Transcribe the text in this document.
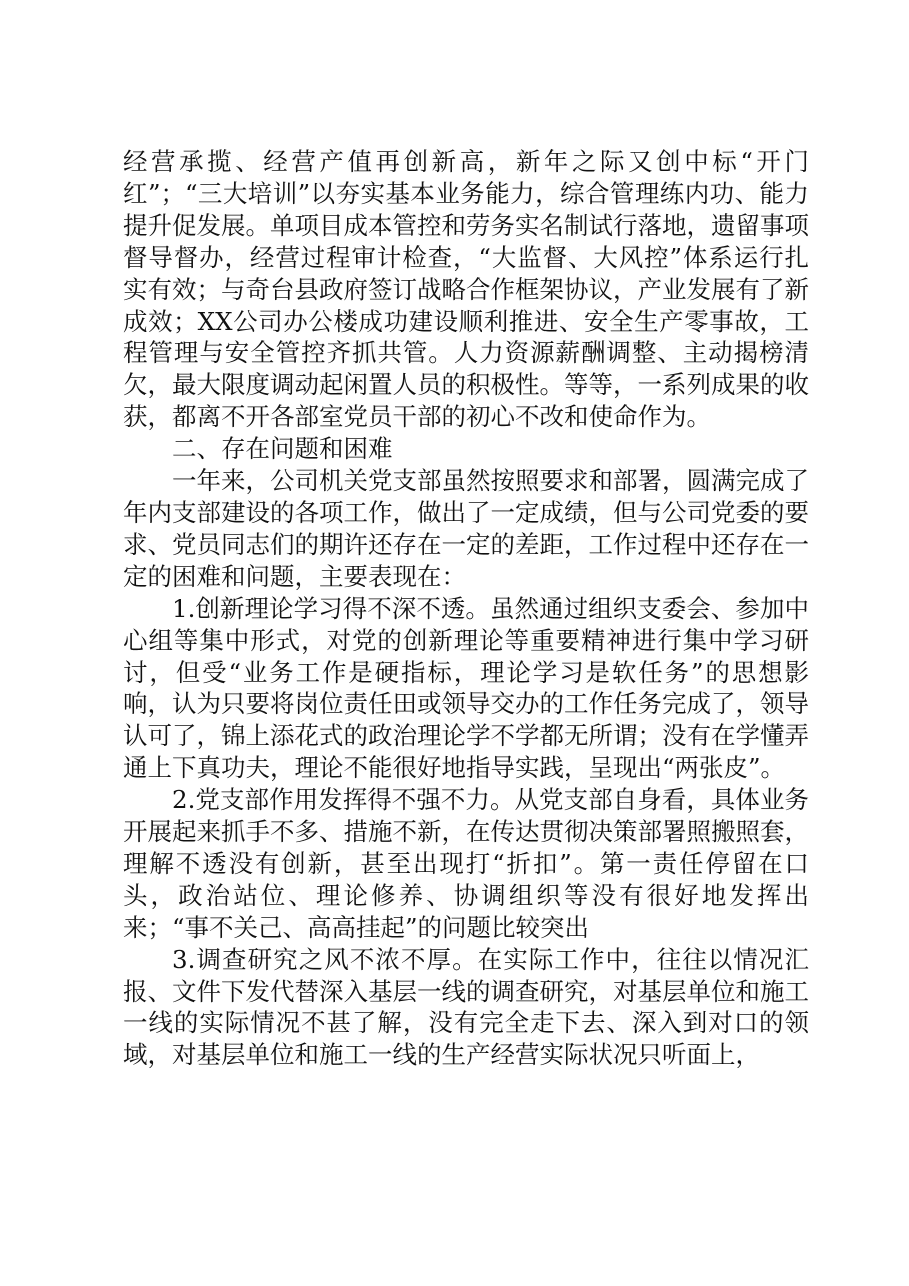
经营承揽、经营产值再创新高，新年之际又创中标“开门红”；“三大培训”以夯实基本业务能力，综合管理练内功、能力提升促发展。单项目成本管控和劳务实名制试行落地，遗留事项督导督办，经营过程审计检查，“大监督、大风控”体系运行扎实有效；与奇台县政府签订战略合作框架协议，产业发展有了新成效；XX公司办公楼成功建设顺利推进、安全生产零事故，工程管理与安全管控齐抓共管。人力资源薪酬调整、主动揭榜清欠，最大限度调动起闲置人员的积极性。等等，一系列成果的收获，都离不开各部室党员干部的初心不改和使命作为。

二、存在问题和困难

一年来，公司机关党支部虽然按照要求和部署，圆满完成了年内支部建设的各项工作，做出了一定成绩，但与公司党委的要求、党员同志们的期许还存在一定的差距，工作过程中还存在一定的困难和问题，主要表现在：

1.创新理论学习得不深不透。虽然通过组织支委会、参加中心组等集中形式，对党的创新理论等重要精神进行集中学习研讨，但受“业务工作是硬指标，理论学习是软任务”的思想影响，认为只要将岗位责任田或领导交办的工作任务完成了，领导认可了，锦上添花式的政治理论学不学都无所谓；没有在学懂弄通上下真功夫，理论不能很好地指导实践，呈现出“两张皮”。

2.党支部作用发挥得不强不力。从党支部自身看，具体业务开展起来抓手不多、措施不新，在传达贯彻决策部署照搬照套，理解不透没有创新，甚至出现打“折扣”。第一责任停留在口头，政治站位、理论修养、协调组织等没有很好地发挥出来；“事不关己、高高挂起”的问题比较突出

3.调查研究之风不浓不厚。在实际工作中，往往以情况汇报、文件下发代替深入基层一线的调查研究，对基层单位和施工一线的实际情况不甚了解，没有完全走下去、深入到对口的领域，对基层单位和施工一线的生产经营实际状况只听面上，
